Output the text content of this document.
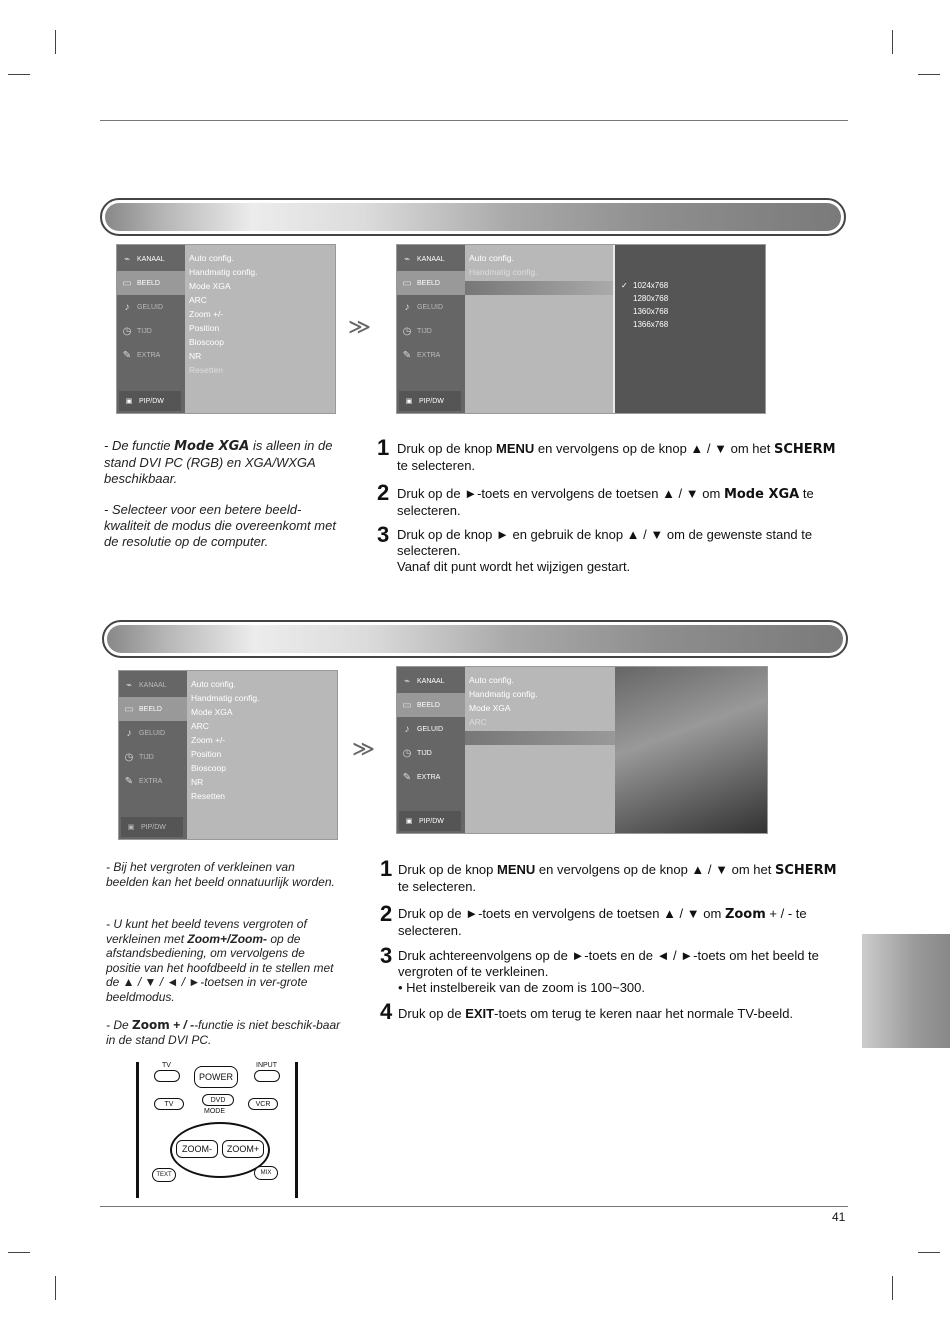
⌁ KANAAL
▭ BEELD
♪	GELUID
◷ TIJD
✎ EXTRA
▣ PIP/DW
Auto config.
Handmatig config.
Mode XGA
ARC
Zoom +/-
Position
Bioscoop
NR
Resetten
≫
⌁ KANAAL
▭ BEELD
♪	GELUID
◷ TIJD
✎ EXTRA
▣ PIP/DW
Auto config.
Handmatig config.
✓ 1024x768
1280x768
1360x768
1366x768
- De functie Mode XGA is alleen in de stand DVI PC (RGB) en XGA/WXGA beschikbaar.
- Selecteer voor een betere beeld-kwaliteit de modus die overeenkomt met de resolutie op de computer.
1 Druk op de knop MENU en vervolgens op de knop ▲ / ▼ om het SCHERM te selecteren.
2 Druk op de ►-toets en vervolgens de toetsen ▲ / ▼ om Mode XGA te selecteren.
3 Druk op de knop ► en gebruik de knop ▲ / ▼ om de gewenste stand te selecteren.
Vanaf dit punt wordt het wijzigen gestart.
⌁ KANAAL
▭ BEELD
♪	GELUID
◷ TIJD
✎ EXTRA
▣ PIP/DW
Auto config.
Handmatig config.
Mode XGA
ARC
Zoom +/-
Position
Bioscoop
NR
Resetten
≫
⌁ KANAAL
▭ BEELD
♪	GELUID
◷ TIJD
✎ EXTRA
▣ PIP/DW
Auto config.
Handmatig config.
Mode XGA
ARC
- Bij het vergroten of verkleinen van beelden kan het beeld onnatuurlijk worden.
- U kunt het beeld tevens vergroten of verkleinen met Zoom+/Zoom- op de afstandsbediening, om vervolgens de positie van het hoofdbeeld in te stellen met de ▲ / ▼ / ◄ / ►-toetsen in ver-grote beeldmodus.
- De Zoom + / --functie is niet beschik-baar in de stand DVI PC.
1 Druk op de knop MENU en vervolgens op de knop ▲ / ▼ om het SCHERM te selecteren.
2 Druk op de ►-toets en vervolgens de toetsen ▲ / ▼ om Zoom + / - te selecteren.
3 Druk achtereenvolgens op de ►-toets en de ◄ / ►-toets om het beeld te vergroten of te verkleinen.
• Het instelbereik van de zoom is 100~300.
4 Druk op de EXIT-toets om terug te keren naar het normale TV-beeld.
TV	INPUT
POWER
TV
DVD
VCR
MODE
ZOOM-	ZOOM+
TEXT	MIX
41
